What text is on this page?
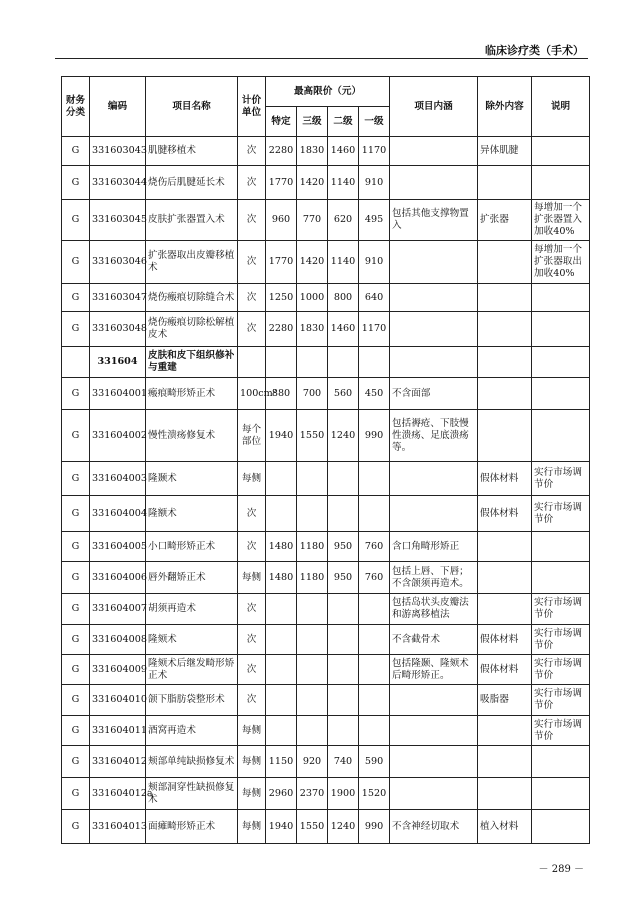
临床诊疗类（手术）
财务分类	编码	项目名称	计价单位	最高限价（元）				项目内涵	除外内容	说明
				特定	三级	二级	一级			
G	331603043	肌腱移植术	次	2280	1830	1460	1170		异体肌腱	
G	331603044	烧伤后肌腱延长术	次	1770	1420	1140	910			
G	331603045	皮肤扩张器置入术	次	960	770	620	495	包括其他支撑物置入	扩张器	每增加一个扩张器置入加收40%
G	331603046	扩张器取出皮瓣移植术	次	1770	1420	1140	910			每增加一个扩张器取出加收40%
G	331603047	烧伤瘢痕切除缝合术	次	1250	1000	800	640			
G	331603048	烧伤瘢痕切除松解植皮术	次	2280	1830	1460	1170			
	331604	皮肤和皮下组织修补与重建								
G	331604001	瘢痕畸形矫正术	100cm²	880	700	560	450	不含面部		
G	331604002	慢性溃疡修复术	每个部位	1940	1550	1240	990	包括褥疮、下肢慢性溃疡、足底溃疡等。		
G	331604003	隆颞术	每侧						假体材料	实行市场调节价
G	331604004	隆额术	次						假体材料	实行市场调节价
G	331604005	小口畸形矫正术	次	1480	1180	950	760	含口角畸形矫正		
G	331604006	唇外翻矫正术	每侧	1480	1180	950	760	包括上唇、下唇；不含颌须再造术。		
G	331604007	胡须再造术	次					包括岛状头皮瓣法和游离移植法		实行市场调节价
G	331604008	隆颏术	次					不含截骨术	假体材料	实行市场调节价
G	331604009	隆颏术后继发畸形矫正术	次					包括隆颞、隆颏术后畸形矫正。	假体材料	实行市场调节价
G	331604010	颌下脂肪袋整形术	次						吸脂器	实行市场调节价
G	331604011	酒窝再造术	每侧							实行市场调节价
G	331604012	颊部单纯缺损修复术	每侧	1150	920	740	590			
G	331604012a	颊部洞穿性缺损修复术	每侧	2960	2370	1900	1520			
G	331604013	面瘫畸形矫正术	每侧	1940	1550	1240	990	不含神经切取术	植入材料	
－ 289 －
